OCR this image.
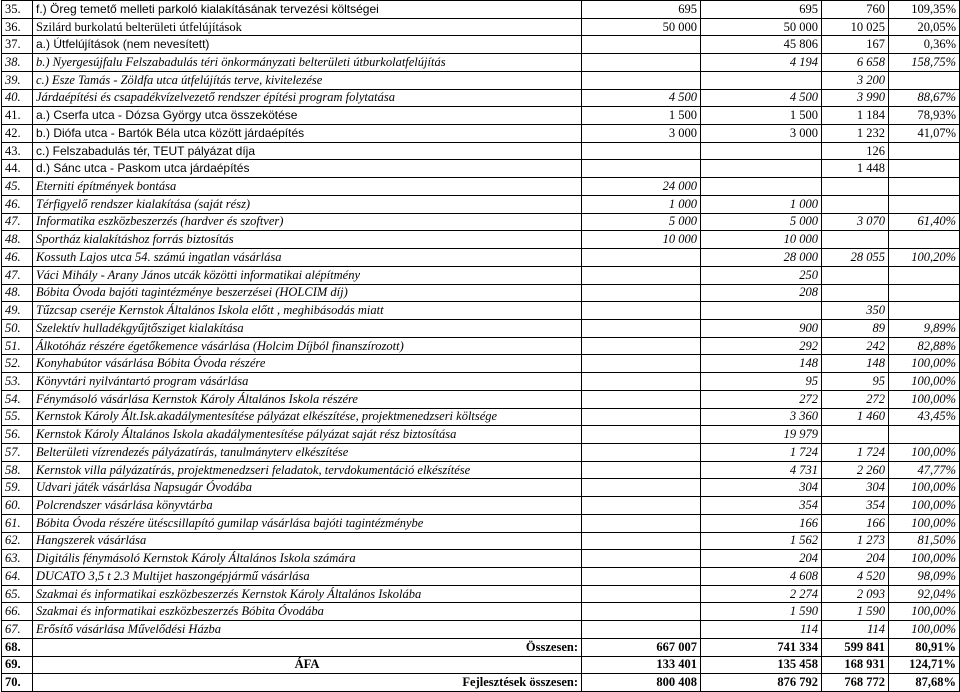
35.	f.) Öreg temető melleti parkoló kialakításának tervezési költségei	695	695	760	109,35%
36.	Szilárd burkolatú belterületi útfelújítások	50 000	50 000	10 025	20,05%
37.	a.) Útfelújítások (nem nevesített)		45 806	167	0,36%
38.	b.) Nyergesújfalu Felszabadulás téri önkormányzati belterületi útburkolatfelújítás		4 194	6 658	158,75%
39.	c.) Esze Tamás - Zöldfa utca útfelújítás terve, kivitelezése			3 200	
40.	Járdaépítési és csapadékvízelvezető rendszer építési program folytatása	4 500	4 500	3 990	88,67%
41.	a.) Cserfa utca - Dózsa György utca összekötése	1 500	1 500	1 184	78,93%
42.	b.) Diófa utca - Bartók Béla utca között járdaépítés	3 000	3 000	1 232	41,07%
43.	c.) Felszabadulás tér, TEUT pályázat díja			126	
44.	d.) Sánc utca - Paskom utca járdaépítés			1 448	
45.	Eterniti építmények bontása	24 000			
46.	Térfigyelő rendszer kialakítása (saját rész)	1 000	1 000		
47.	Informatika eszközbeszerzés (hardver és szoftver)	5 000	5 000	3 070	61,40%
48.	Sportház kialakításhoz forrás biztosítás	10 000	10 000		
46.	Kossuth Lajos utca 54. számú ingatlan vásárlása		28 000	28 055	100,20%
47.	Váci Mihály - Arany János utcák közötti informatikai alépítmény		250		
48.	Bóbita Óvoda bajóti tagintézménye beszerzései (HOLCIM díj)		208		
49.	Tűzcsap cseréje Kernstok Általános Iskola előtt , meghibásodás miatt			350	
50.	Szelektív hulladékgyűjtősziget kialakítása		900	89	9,89%
51.	Álkotóház részére égetőkemence vásárlása (Holcim Díjból finanszírozott)		292	242	82,88%
52.	Konyhabútor vásárlása Bóbita Óvoda részére		148	148	100,00%
53.	Könyvtári nyilvántartó program vásárlása		95	95	100,00%
54.	Fénymásoló vásárlása Kernstok Károly Általános Iskola részére		272	272	100,00%
55.	Kernstok Károly Ált.Isk.akadálymentesítése pályázat elkészítése, projektmenedzseri költsége		3 360	1 460	43,45%
56.	Kernstok Károly Általános Iskola akadálymentesítése pályázat saját rész biztosítása		19 979		
57.	Belterületi vízrendezés pályázatírás, tanulmányterv elkészítése		1 724	1 724	100,00%
58.	Kernstok villa pályázatírás, projektmenedzseri feladatok, tervdokumentáció elkészítése		4 731	2 260	47,77%
59.	Udvari játék vásárlása Napsugár Óvodába		304	304	100,00%
60.	Polcrendszer vásárlása könyvtárba		354	354	100,00%
61.	Bóbita Óvoda részére ütéscsillapító gumilap vásárlása bajóti tagintézménybe		166	166	100,00%
62.	Hangszerek vásárlása		1 562	1 273	81,50%
63.	Digitális fénymásoló Kernstok Károly Általános Iskola számára		204	204	100,00%
64.	DUCATO 3,5 t 2.3 Multijet haszongépjármű vásárlása		4 608	4 520	98,09%
65.	Szakmai és informatikai eszközbeszerzés Kernstok Károly Általános Iskolába		2 274	2 093	92,04%
66.	Szakmai és informatikai eszközbeszerzés Bóbita Óvodába		1 590	1 590	100,00%
67.	Erősítő vásárlása Művelődési Házba		114	114	100,00%
68.	Összesen:	667 007	741 334	599 841	80,91%
69.	ÁFA	133 401	135 458	168 931	124,71%
70.	Fejlesztések összesen:	800 408	876 792	768 772	87,68%
